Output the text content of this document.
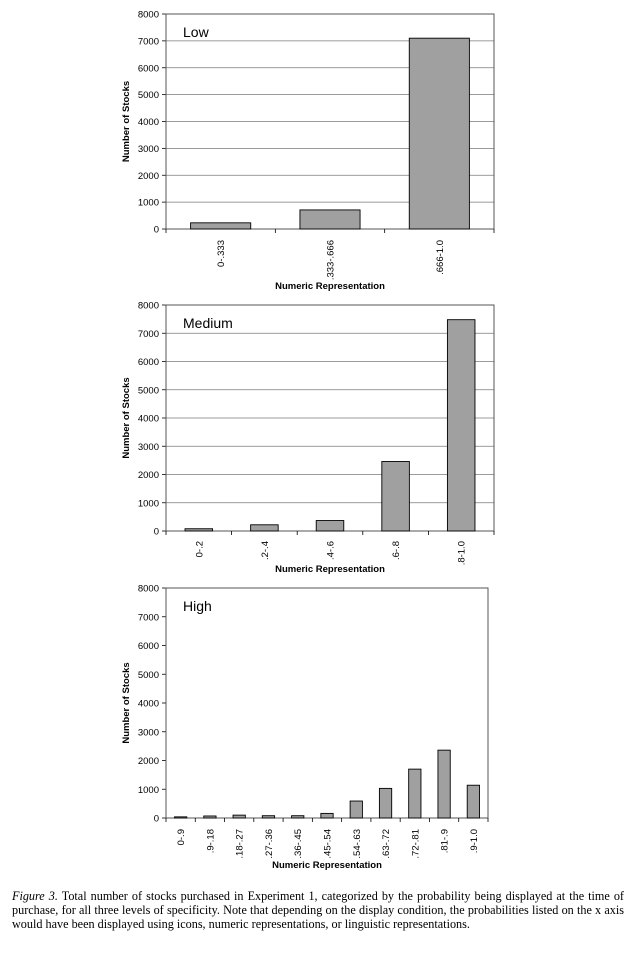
0
1000
2000
3000
4000
5000
6000
7000
8000
0-.333	.333-.666	.666-1.0
Low
Numeric Representation
Number of Stocks
0
1000
2000
3000
4000
5000
6000
7000
8000
0-.2	.2-.4	.4-.6	.6-.8	.8-1.0
Medium
Numeric Representation
Number of Stocks
0
1000
2000
3000
4000
5000
6000
7000
8000
0-.9 .9-.18 .18-.27 .27-.36 .36-.45 .45-.54 .54-.63 .63-.72 .72-.81 .81-.9 .9-1.0
High
Numeric Representation
Number of Stocks

Figure 3. Total number of stocks purchased in Experiment 1, categorized by the probability being displayed at the time of purchase, for all three levels of specificity. Note that depending on the display condition, the probabilities listed on the x axis would have been displayed using icons, numeric representations, or linguistic representations.
